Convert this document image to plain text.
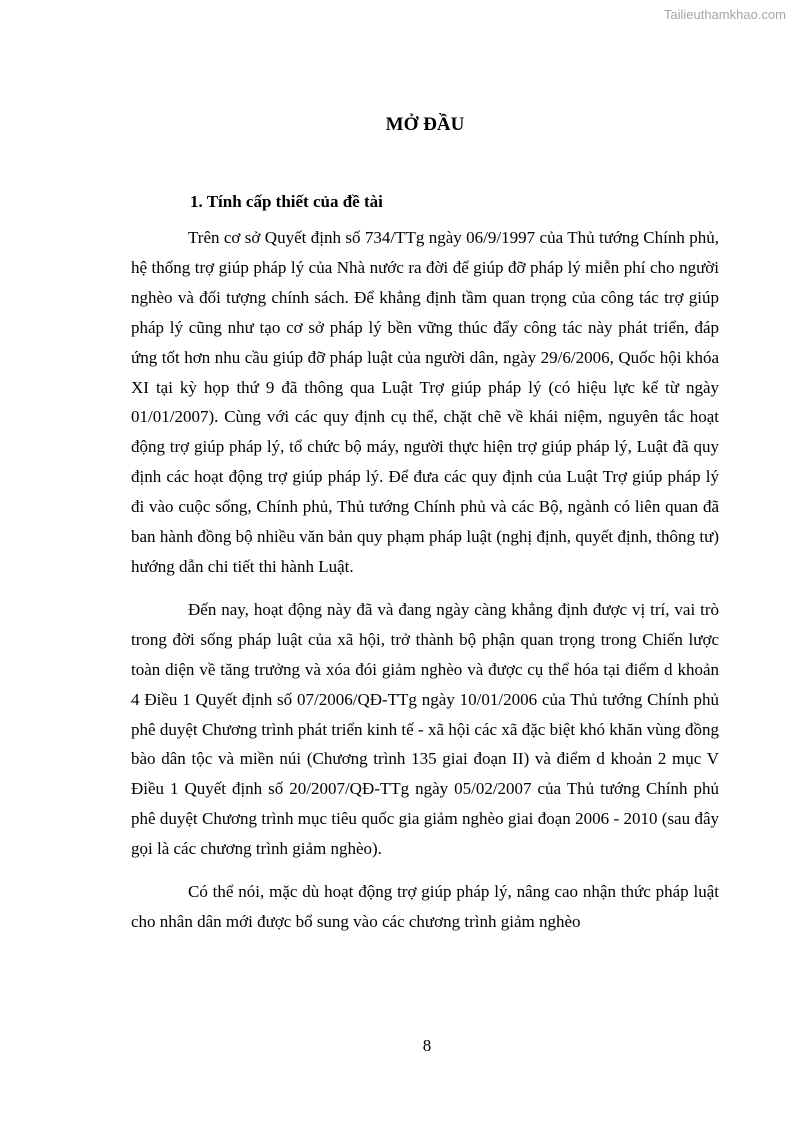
Tailieuthamkhao.com
MỞ ĐẦU
1. Tính cấp thiết của đề tài

Trên cơ sở Quyết định số 734/TTg ngày 06/9/1997 của Thủ tướng Chính phủ, hệ thống trợ giúp pháp lý của Nhà nước ra đời để giúp đỡ pháp lý miễn phí cho người nghèo và đối tượng chính sách. Để khẳng định tầm quan trọng của công tác trợ giúp pháp lý cũng như tạo cơ sở pháp lý bền vững thúc đẩy công tác này phát triển, đáp ứng tốt hơn nhu cầu giúp đỡ pháp luật của người dân, ngày 29/6/2006, Quốc hội khóa XI tại kỳ họp thứ 9 đã thông qua Luật Trợ giúp pháp lý (có hiệu lực kể từ ngày 01/01/2007). Cùng với các quy định cụ thể, chặt chẽ về khái niệm, nguyên tắc hoạt động trợ giúp pháp lý, tổ chức bộ máy, người thực hiện trợ giúp pháp lý, Luật đã quy định các hoạt động trợ giúp pháp lý. Để đưa các quy định của Luật Trợ giúp pháp lý đi vào cuộc sống, Chính phủ, Thủ tướng Chính phủ và các Bộ, ngành có liên quan đã ban hành đồng bộ nhiều văn bản quy phạm pháp luật (nghị định, quyết định, thông tư) hướng dẫn chi tiết thi hành Luật.

Đến nay, hoạt động này đã và đang ngày càng khẳng định được vị trí, vai trò trong đời sống pháp luật của xã hội, trở thành bộ phận quan trọng trong Chiến lược toàn diện về tăng trưởng và xóa đói giảm nghèo và được cụ thể hóa tại điểm d khoản 4 Điều 1 Quyết định số 07/2006/QĐ-TTg ngày 10/01/2006 của Thủ tướng Chính phủ phê duyệt Chương trình phát triển kinh tế - xã hội các xã đặc biệt khó khăn vùng đồng bào dân tộc và miền núi (Chương trình 135 giai đoạn II) và điểm d khoản 2 mục V Điều 1 Quyết định số 20/2007/QĐ-TTg ngày 05/02/2007 của Thủ tướng Chính phủ phê duyệt Chương trình mục tiêu quốc gia giảm nghèo giai đoạn 2006 - 2010 (sau đây gọi là các chương trình giảm nghèo).

Có thể nói, mặc dù hoạt động trợ giúp pháp lý, nâng cao nhận thức pháp luật cho nhân dân mới được bổ sung vào các chương trình giảm nghèo

8
